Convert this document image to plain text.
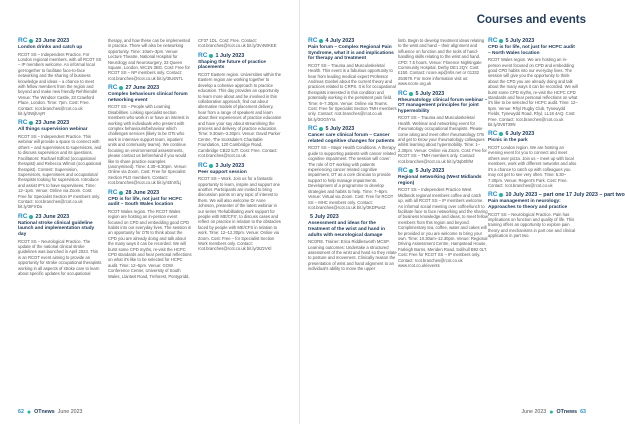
Courses and events
RC 23 June 2023
London drinks and catch up
RCOT SS – Independent Practice. For London regional members, with all RCOT SS – IP members welcome. An informal local get-together to facilitate face-to-face networking and the sharing of business knowledge and ideas – a chance to meet with fellow members from the region and beyond and make new friendly Rehfriends! Venue: The Windsor Castle, 23 Crawford Place, London. Time: 7pm. Cost: Free. Contact: rcot.branches@rcot.co.uk bit.ly/3WjhAyR
RC 23 June 2023
All things supervision webinar
RCOT SS – Independent Practice. This webinar will provide a space to connect with others – and supervisees to supervisors, and to discuss supervision and its questions. Facilitators: Rachael Edford (occupational therapist) and Rebecca Wilmot (occupational therapist). Content: Supervision, Supervisors, supervisees and occupational therapists looking for supervision. Introduce and assist IP's to have supervisees. Time: 12–1pm. Venue: Online via Zoom. Cost: Free for Specialist Section IP members only. Contact: rcot.branches@rcot.co.uk bit.ly/3IFrrDa
RC 23 June 2023
National stroke clinical guideline launch and implementation study day
RCOT SS – Neurological Practice. The update of the national clinical stroke guidelines was launched in April 2023. This is an RCOT event aiming to provide an opportunity for stroke occupational therapists working in all aspects of stroke care to learn about specific updates for occupational
therapy, and how these can be implemented in practice. There will also be networking opportunity. Time: 10am–3pm. Venue: Lecture Theatre, National Hospital for Neurology and Neurosurgery, 33 Queen Square, London, WC1N 3BG. Cost: Free for RCOT SS – NP members only. Contact: rcot.branches@rcot.co.uk bit.ly/3tUsNTL
RC 27 June 2023
Complex behaviours clinical forum networking event
RCOT SS – People with Learning Disabilities. Linking specialist section members who work in or have an interest in working with individuals who present with complex behaviours/behaviour which challenges services (likely to be OTs who work in intensive support team, inpatient units and community teams). We continue focusing on environmental assessments, please contact us beforehand if you would like to share practice examples (anonymised). Time: 4.30–6.30pm. Venue: Online via Zoom. Cost: Free for Specialist Section PLD members. Contact: rcot.branches@rcot.co.uk bit.ly/43nXfLj
RC 28 June 2023
CPD is for life, not just for HCPC audit – South Wales location
RCOT Wales region. The RCOT Wales region are hosting an in-person event focused on CPD and embedding good CPD habits into our everyday lives. The session is an opportunity for OTs to think about the CPD you are already doing and talk about the many ways it can be recorded. We will burst some CPD myths, re-visit the HCPC CPD standards and hear personal reflections on what it's like to be selected for HCPC audit. Time: 12–5pm. Venue: GOW Conference Center, University of South Wales, Llantwit Road, Treforest, Pontypridd,
CF37 1DL. Cost: Free. Contact: rcot.branches@rcot.co.uk bit.ly/3V4WKEE
RC 1 July 2023
Shaping the future of practice placements
RCOT Eastern region. Universities within the Eastern region are working together to develop a cohesive approach to practice education. This day provides an opportunity to learn more about and be involved in this collaborative approach, find out about alternative models of placement delivery, hear from a range of speakers and learn about their experiences of practice education and have your say about streamlining the process and delivery of practice education. Time: 9.30am–3.30pm. Venue: David Parker Centre, The Scotsdale's Charitable Foundation, 120 Cambridge Road, Cambridge CB22 5JT. Cost: Free. Contact: rcot.branches@rcot.co.uk
RC 3 July 2023
Peer support session
RCOT SS – Work. Join us for a fantastic opportunity to learn, inspire and support one another. Participants are invited to bring discussion points on any topic of interest to them. We will also welcome Dr Anne Johnson, presenter of the latest webinar in our series 'Rehabilitating work support for people with ME/CFS', to discuss cases and reflect on practice in relation to the obstacles faced by people with ME/CFS in relation to work. Time: 12–12.30pm. Venue: Online via Zoom. Cost: Free – for Specialist Section Work members only. Contact: rcot.branches@rcot.co.uk bit.ly/3IZzVKl
RC 4 July 2023
Pain forum – Complex Regional Pain Syndrome, what it is and implications for therapy and treatment
RCOT SS – Trauma and Musculoskeletal Health. This event is a fabulous opportunity to hear from leading medical expert Professor Andreas Goebel about the current theory and practices related to CRPS. It is for occupational therapists interested in this condition and potentially working in the persistent pain field. Time: 6–7.30pm. Venue: Online via Teams. Cost: Free for Specialist Section TMH members only. Contact: rcot.branches@rcot.co.uk bit.ly/3OGhYra
RC 5 July 2023
Cancer care clinical forum – Cancer related cognitive changes for patients
RCOT SS – Major Health Conditions. A therapy guide to supporting patients with cancer related cognitive impairment. The session will cover: The role of OT working with patients experiencing cancer related cognitive impairment, OT as a core clinician to provide support to help manage impairments. Development of a programme to develop strategies and habits to help. Time: 7–8pm. Venue: Virtual via Zoom. Cost: Free for RCOT SS – MHC members only. Contact: rcot.branches@rcot.co.uk bit.ly/3KDPw4Z
5 July 2023
Assessment and ideas for the treatment of the wrist and hand in adults with neurological damage
NCORE. Trainer: Erica Riddlesworth MCSP. Learning outcomes: Undertake a structured assessment of the wrist and hand so they relate to posture and movement. Clinically reason the presentation of wrist and hand alignment to an individual's ability to move the upper
limb. Begin to develop treatment ideas relating to the wrist and hand – their alignment and influence on function and the tools of hand-handling skills relating to the wrist and hand. CPD: 7.5 hours. Venue: Florence Nightingale Community Hospital, Derby DE1 2QY. Cost: £150. Contact: ncore.wp@nhs.net or 01332 254679. For more information visit us: www.ncore.org.uk
RC 5 July 2023
Rheumatology clinical forum webinar – OT management principles for joint hypermobility
RCOT SS – Trauma and Musculoskeletal Health. Webinar and networking event for rheumatology occupational therapists. Please come along and meet other rheumatology OTs and get to know your rheumatology colleagues whilst learning about hypermobility. Time: 1–2.30pm. Venue: Online via Zoom. Cost: Free for RCOT SS – TMH members only. Contact: rcot.branches@rcot.co.uk bit.ly/3qb0hfM
RC 5 July 2023
Regional networking (West Midlands region)
RCOT SS – Independent Practice West Midlands regional members coffee and catch up, with all RCOT SS – IP members welcome. An informal social meeting over coffee/lunch to facilitate face to face networking and the sharing of business knowledge and ideas, to meet fellow members from this region and beyond. Complimentary tea, coffee, water and cakes will be provided or you are welcome to bring your own. Time: 10.30am–12.30pm. Venue: Regional Driving Assessment Centre, Hampstead House, Farleigh Barns, Meriden Road, Solihull B92 0LT. Cost: Free for RCOT SS – IP members only. Contact: rcot.branches@rcot.co.uk www.rcot.co.uk/events
RC 5 July 2023
CPD is for life, not just for HCPC audit – North Wales location
RCOT Wales region. We are hosting an in-person event focused on CPD and embedding good CPD habits into our everyday lives. The session will give you the opportunity to think about the CPD you are already doing and talk about the many ways it can be recorded. We will burst some CPD myths, re-visit the HCPC CPD standards and hear personal reflections on what it's like to be selected for HCPC audit. Time: 12–5pm. Venue: Rhyl Rugby Club, Tynewydd Fields, Tynewydd Road, Rhyl, LL18 4AQ. Cost: Free. Contact: rcot.branches@rcot.co.uk bit.ly/3V6T39N
RC 6 July 2023
Picnic in the park
RCOT London region. We are hosting an evening event for you to connect and meet others over pizza. Join us – meet up with local members, work with different networks and also it's a chance to catch up with colleagues you may not get to see very often. Time: 5.30–7.30pm. Venue: Regent's Park. Cost: Free. Contact: rcot.branches@rcot.co.uk
RC 10 July 2023 – part one 17 July 2023 – part two
Pain management in neurology: Approaches to theory and practice
RCOT SS – Neurological Practice. Pain has implications on function and quality of life. This training offers an opportunity to explore pain theory and mechanisms in part one and clinical application in part two.
62 ● OTnews June 2023	June 2023 ● OTnews 63
